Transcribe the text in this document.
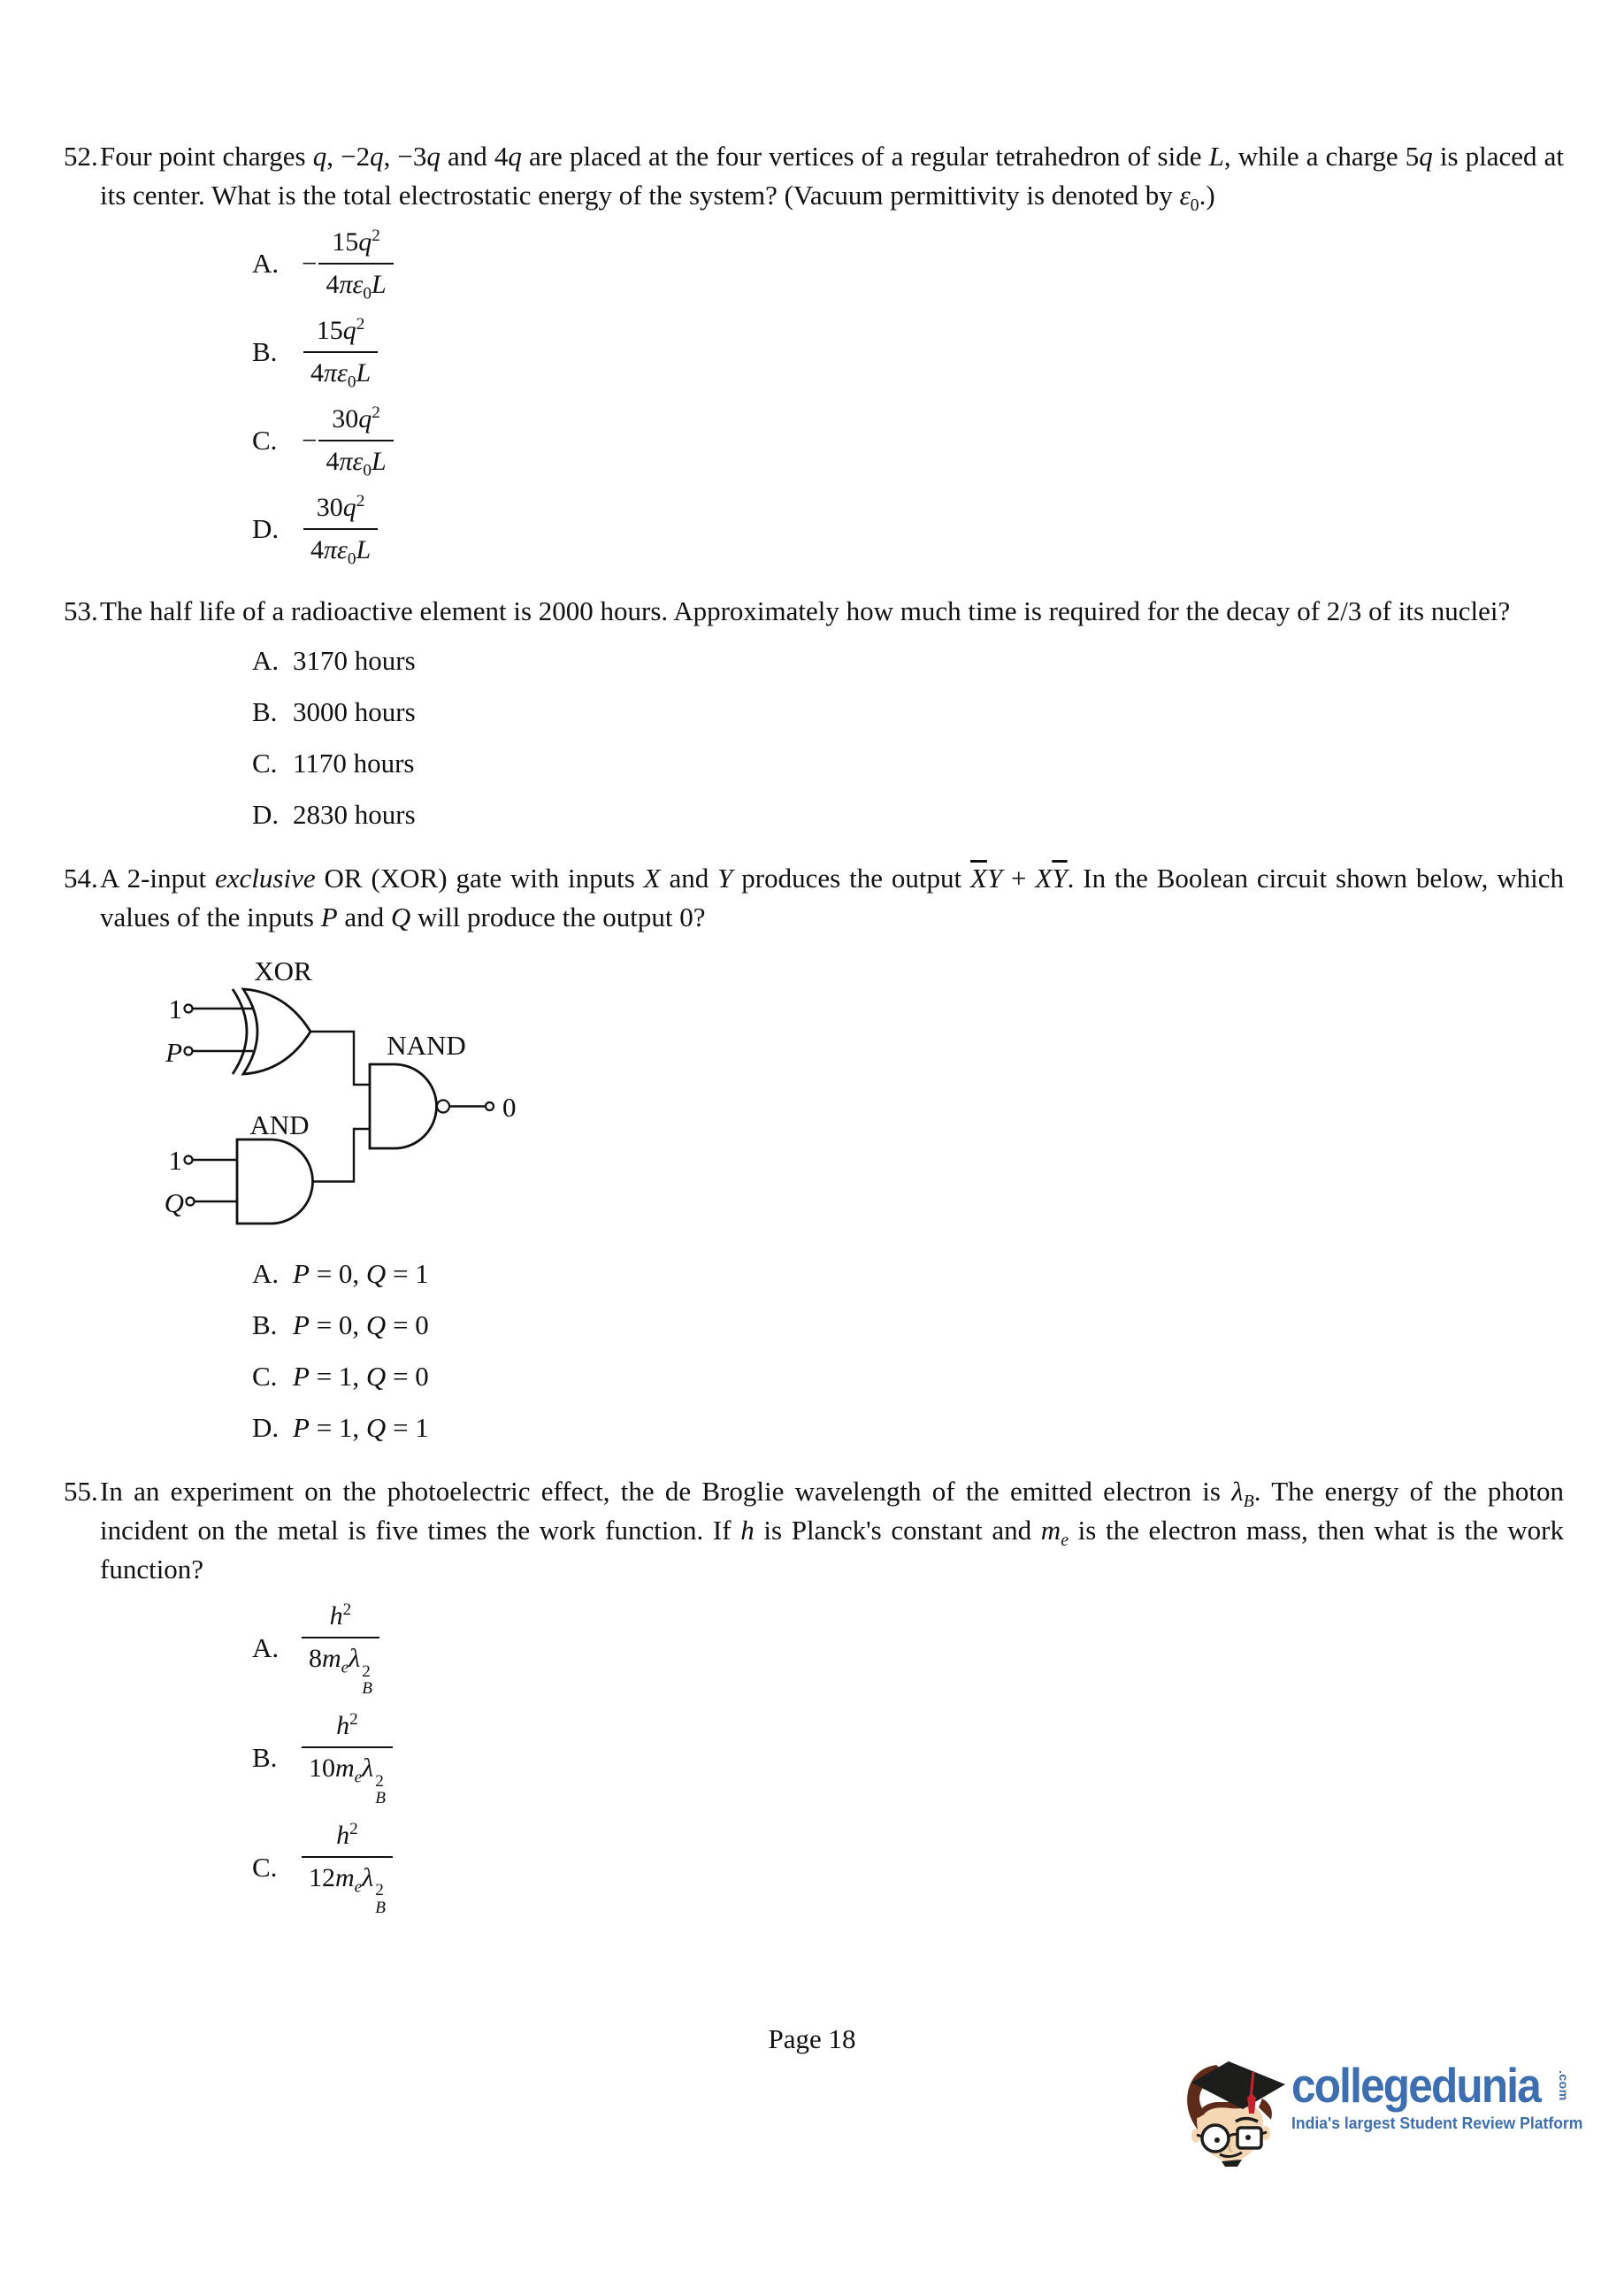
52. Four point charges q, −2q, −3q and 4q are placed at the four vertices of a regular tetrahedron of side L, while a charge 5q is placed at its center. What is the total electrostatic energy of the system? (Vacuum permittivity is denoted by $\varepsilon_0$.)
A. − $\frac{15q^2}{4\pi\varepsilon_0L}$
B. $\frac{15q^2}{4\pi\varepsilon_0L}$
C. − $\frac{30q^2}{4\pi\varepsilon_0L}$
D. $\frac{30q^2}{4\pi\varepsilon_0L}$
53. The half life of a radioactive element is 2000 hours. Approximately how much time is required for the decay of 2/3 of its nuclei?
A. 3170 hours
B. 3000 hours
C. 1170 hours
D. 2830 hours
54. A 2-input exclusive OR (XOR) gate with inputs X and Y produces the output $\overline{X}Y + X\overline{Y}$. In the Boolean circuit shown below, which values of the inputs P and Q will produce the output 0?
XOR
AND
NAND
1
P
1
Q
0
A. P = 0, Q = 1
B. P = 0, Q = 0
C. P = 1, Q = 0
D. P = 1, Q = 1
55. In an experiment on the photoelectric effect, the de Broglie wavelength of the emitted electron is $\lambda_B$. The energy of the photon incident on the metal is five times the work function. If h is Planck's constant and $m_e$ is the electron mass, then what is the work function?
A. $h^2$
$8m_e\lambda$ 2
B
B. $h^2$
$10m_e\lambda$ 2
B
C. $h^2$
$12m_e\lambda$ 2
B
Page 18
collegedunia	.com
India's largest Student Review Platform
